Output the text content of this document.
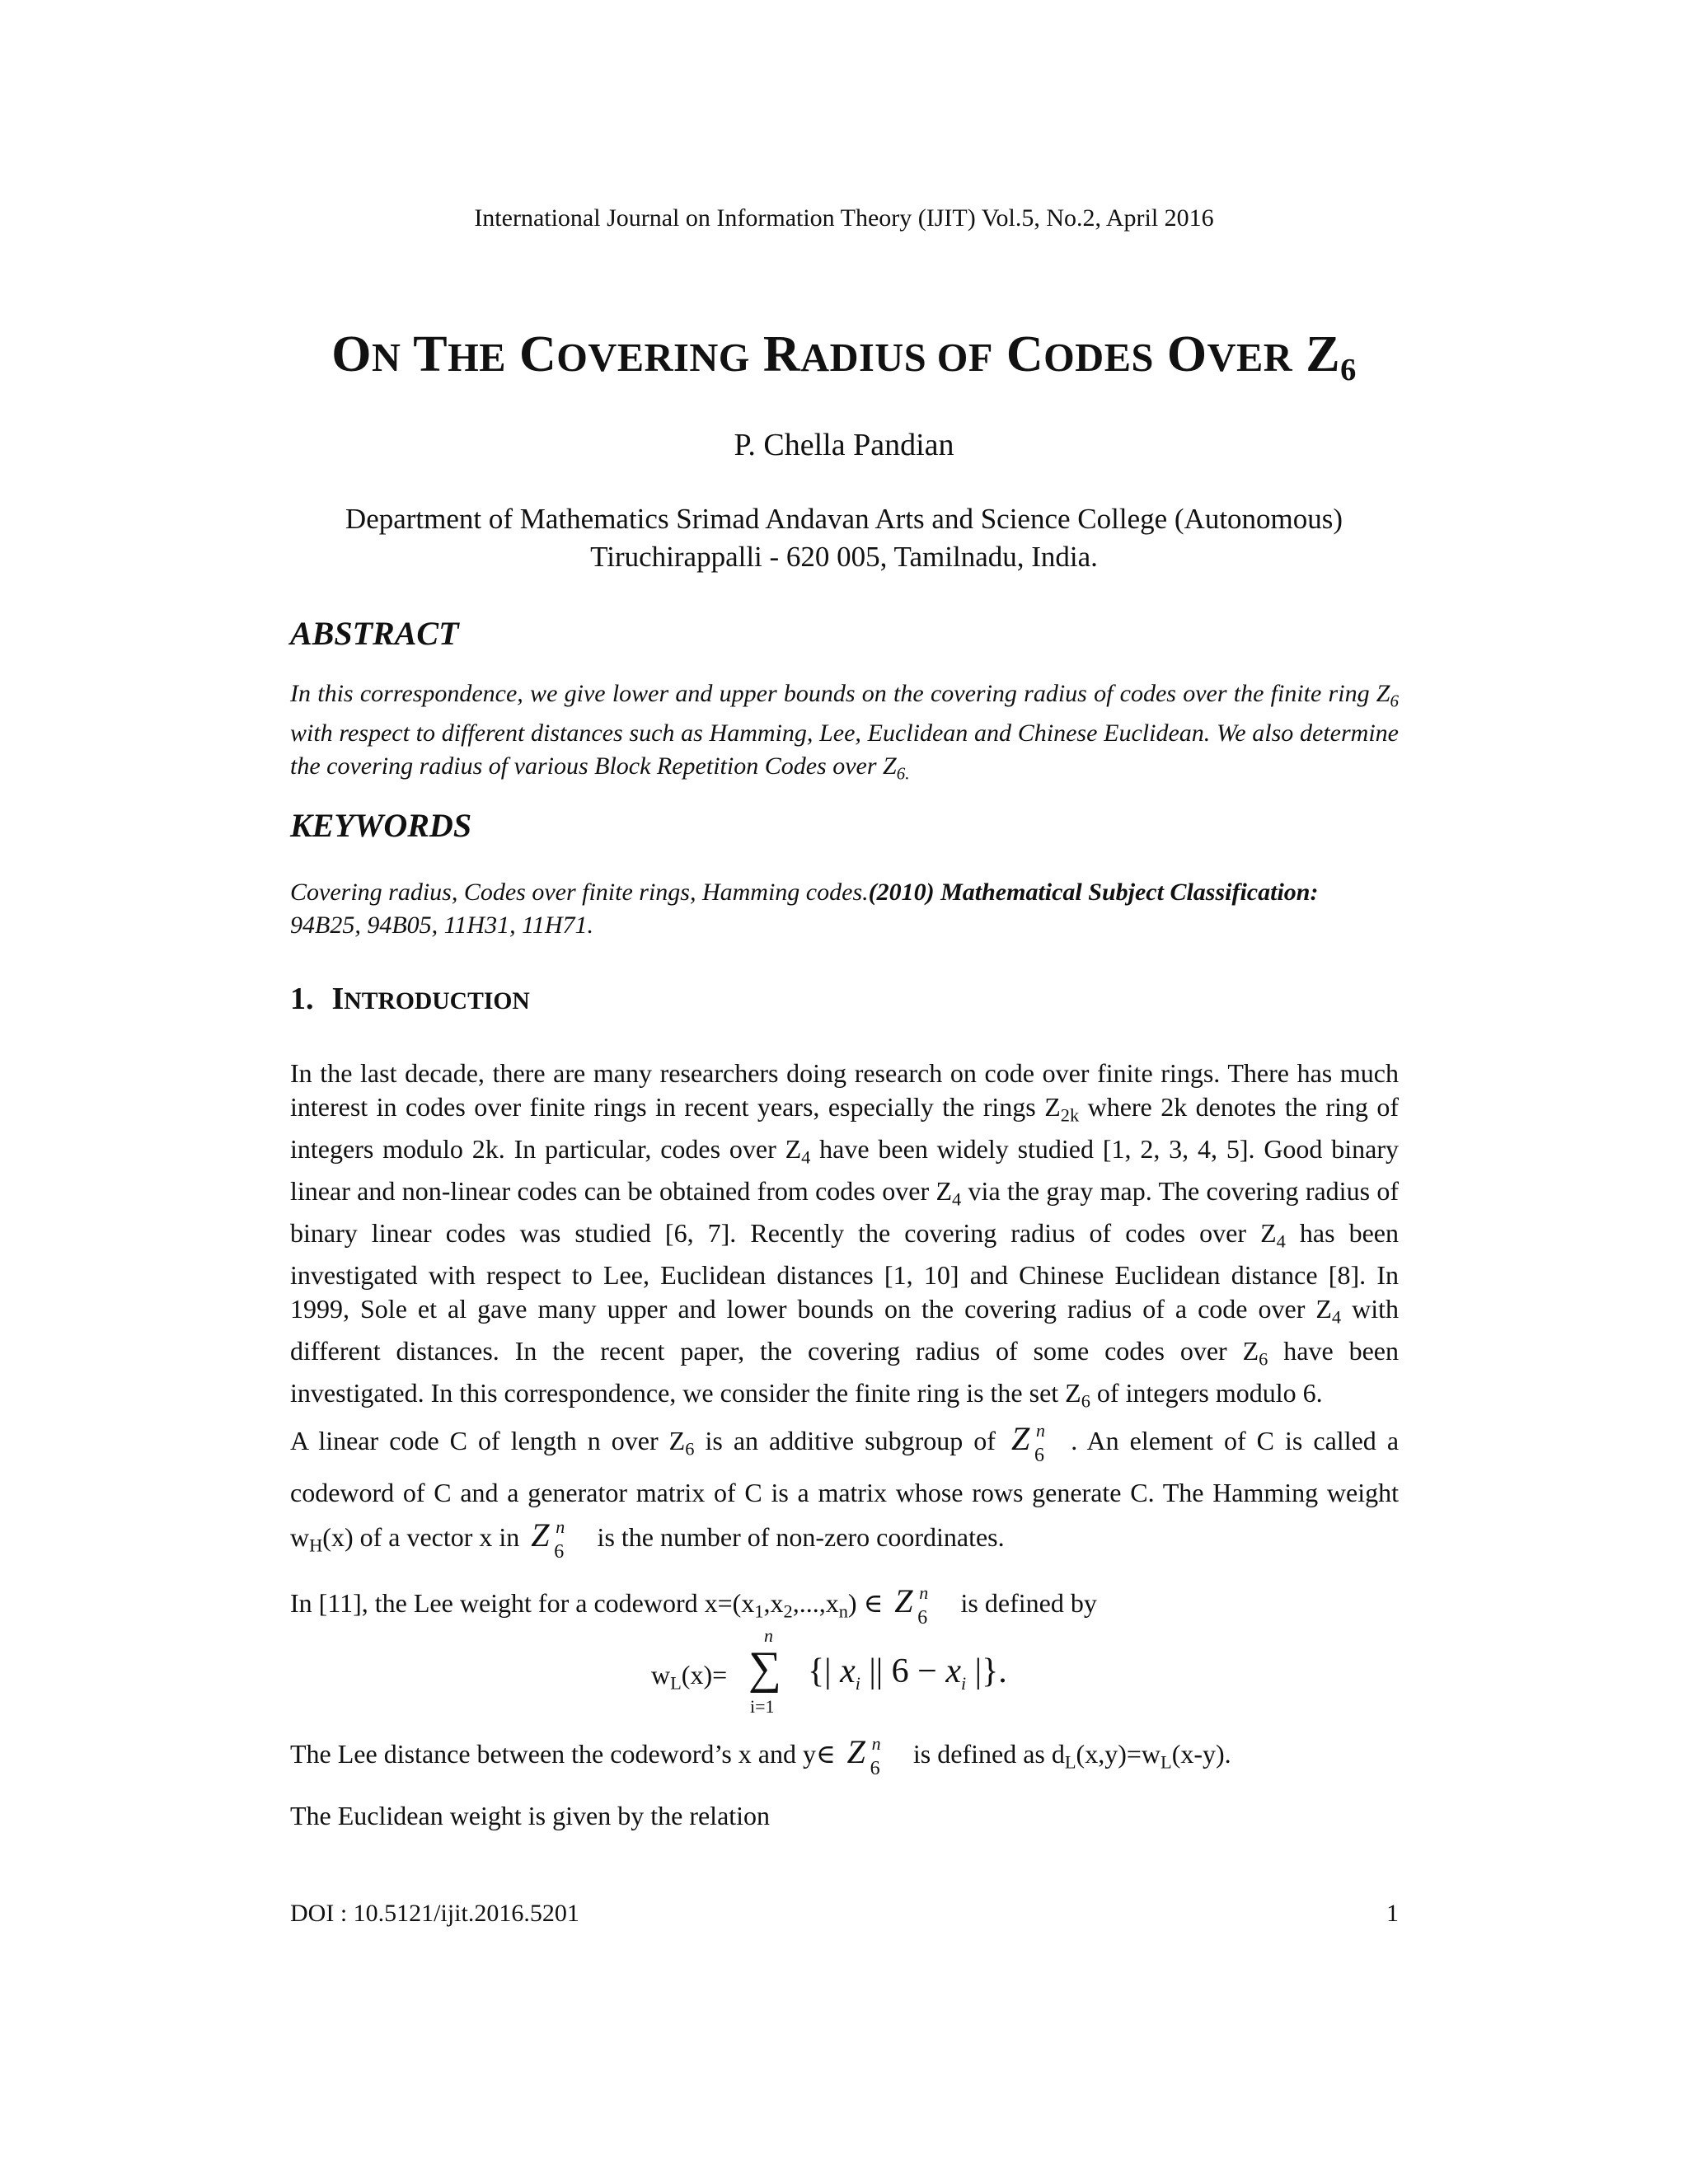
International Journal on Information Theory (IJIT) Vol.5, No.2, April 2016

ON THE COVERING RADIUS OF CODES OVER Z6

P. Chella Pandian

Department of Mathematics Srimad Andavan Arts and Science College (Autonomous)
Tiruchirappalli - 620 005, Tamilnadu, India.
ABSTRACT

In this correspondence, we give lower and upper bounds on the covering radius of codes over the finite ring $Z_6$ with respect to different distances such as Hamming, Lee, Euclidean and Chinese Euclidean. We also determine the covering radius of various Block Repetition Codes over $Z_{6.}$

KEYWORDS

Covering radius, Codes over finite rings, Hamming codes.(2010) Mathematical Subject Classification:
94B25, 94B05, 11H31, 11H71.

1. INTRODUCTION

In the last decade, there are many researchers doing research on code over finite rings. There has much interest in codes over finite rings in recent years, especially the rings $Z_{2k}$ where 2k denotes the ring of integers modulo 2k. In particular, codes over $Z_4$ have been widely studied [1, 2, 3, 4, 5]. Good binary linear and non-linear codes can be obtained from codes over $Z_4$ via the gray map. The covering radius of binary linear codes was studied [6, 7]. Recently the covering radius of codes over $Z_4$ has been investigated with respect to Lee, Euclidean distances [1, 10] and Chinese Euclidean distance [8]. In 1999, Sole et al gave many upper and lower bounds on the covering radius of a code over $Z_4$ with different distances. In the recent paper, the covering radius of some codes over $Z_6$ have been investigated. In this correspondence, we consider the finite ring is the set $Z_6$ of integers modulo 6.

A linear code C of length n over $Z_6$ is an additive subgroup of Z n
6 . An element of C is called a codeword of C and a generator matrix of C is a matrix whose rows generate C. The Hamming weight $w_H(x)$ of a vector x in Z n
6 is the number of non-zero coordinates.

In [11], the Lee weight for a codeword $x=(x_1,x_2,...,x_n)$ ∈ Z n
6 is defined by

$w_L(x)=$
n
∑
i=1
{| $x_i$ || $6 - x_i$ |}.

The Lee distance between the codeword’s x and y∈ Z n
6 is defined as $d_L(x,y)=w_L(x-y)$.

The Euclidean weight is given by the relation

DOI : 10.5121/ijit.2016.5201	1
